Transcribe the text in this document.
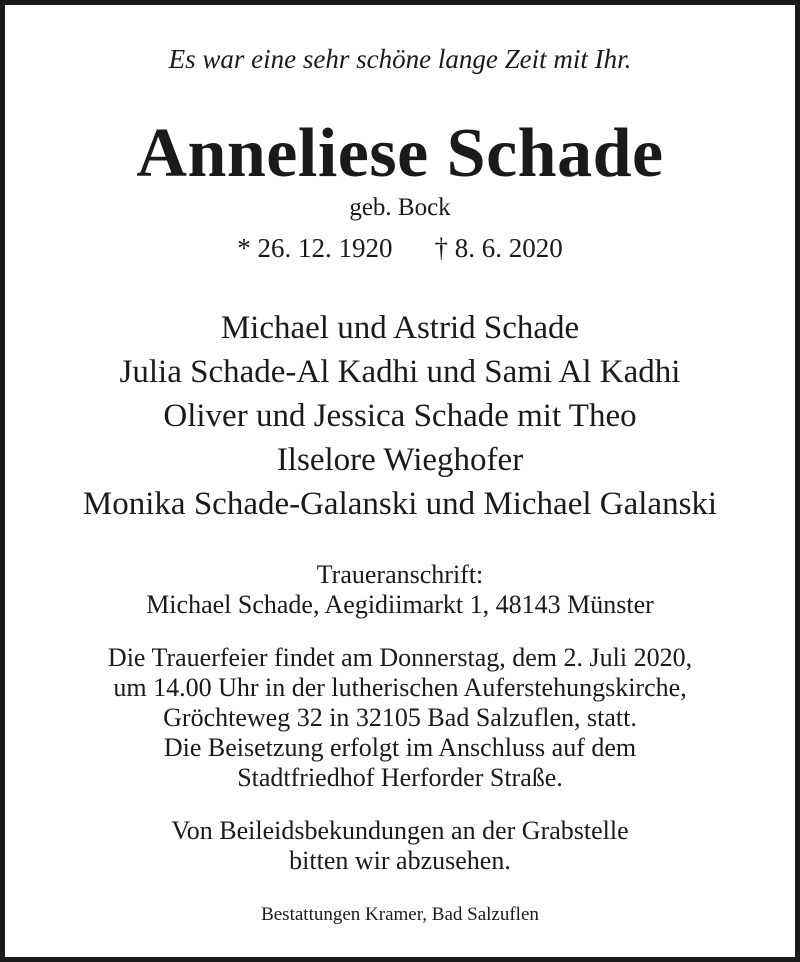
Es war eine sehr schöne lange Zeit mit Ihr.
Anneliese Schade
geb. Bock
* 26. 12. 1920 † 8. 6. 2020
Michael und Astrid Schade
Julia Schade-Al Kadhi und Sami Al Kadhi
Oliver und Jessica Schade mit Theo
Ilselore Wieghofer
Monika Schade-Galanski und Michael Galanski
Traueranschrift:
Michael Schade, Aegidiimarkt 1, 48143 Münster
Die Trauerfeier findet am Donnerstag, dem 2. Juli 2020,
um 14.00 Uhr in der lutherischen Auferstehungskirche,
Gröchteweg 32 in 32105 Bad Salzuflen, statt.
Die Beisetzung erfolgt im Anschluss auf dem
Stadtfriedhof Herforder Straße.
Von Beileidsbekundungen an der Grabstelle
bitten wir abzusehen.
Bestattungen Kramer, Bad Salzuflen
